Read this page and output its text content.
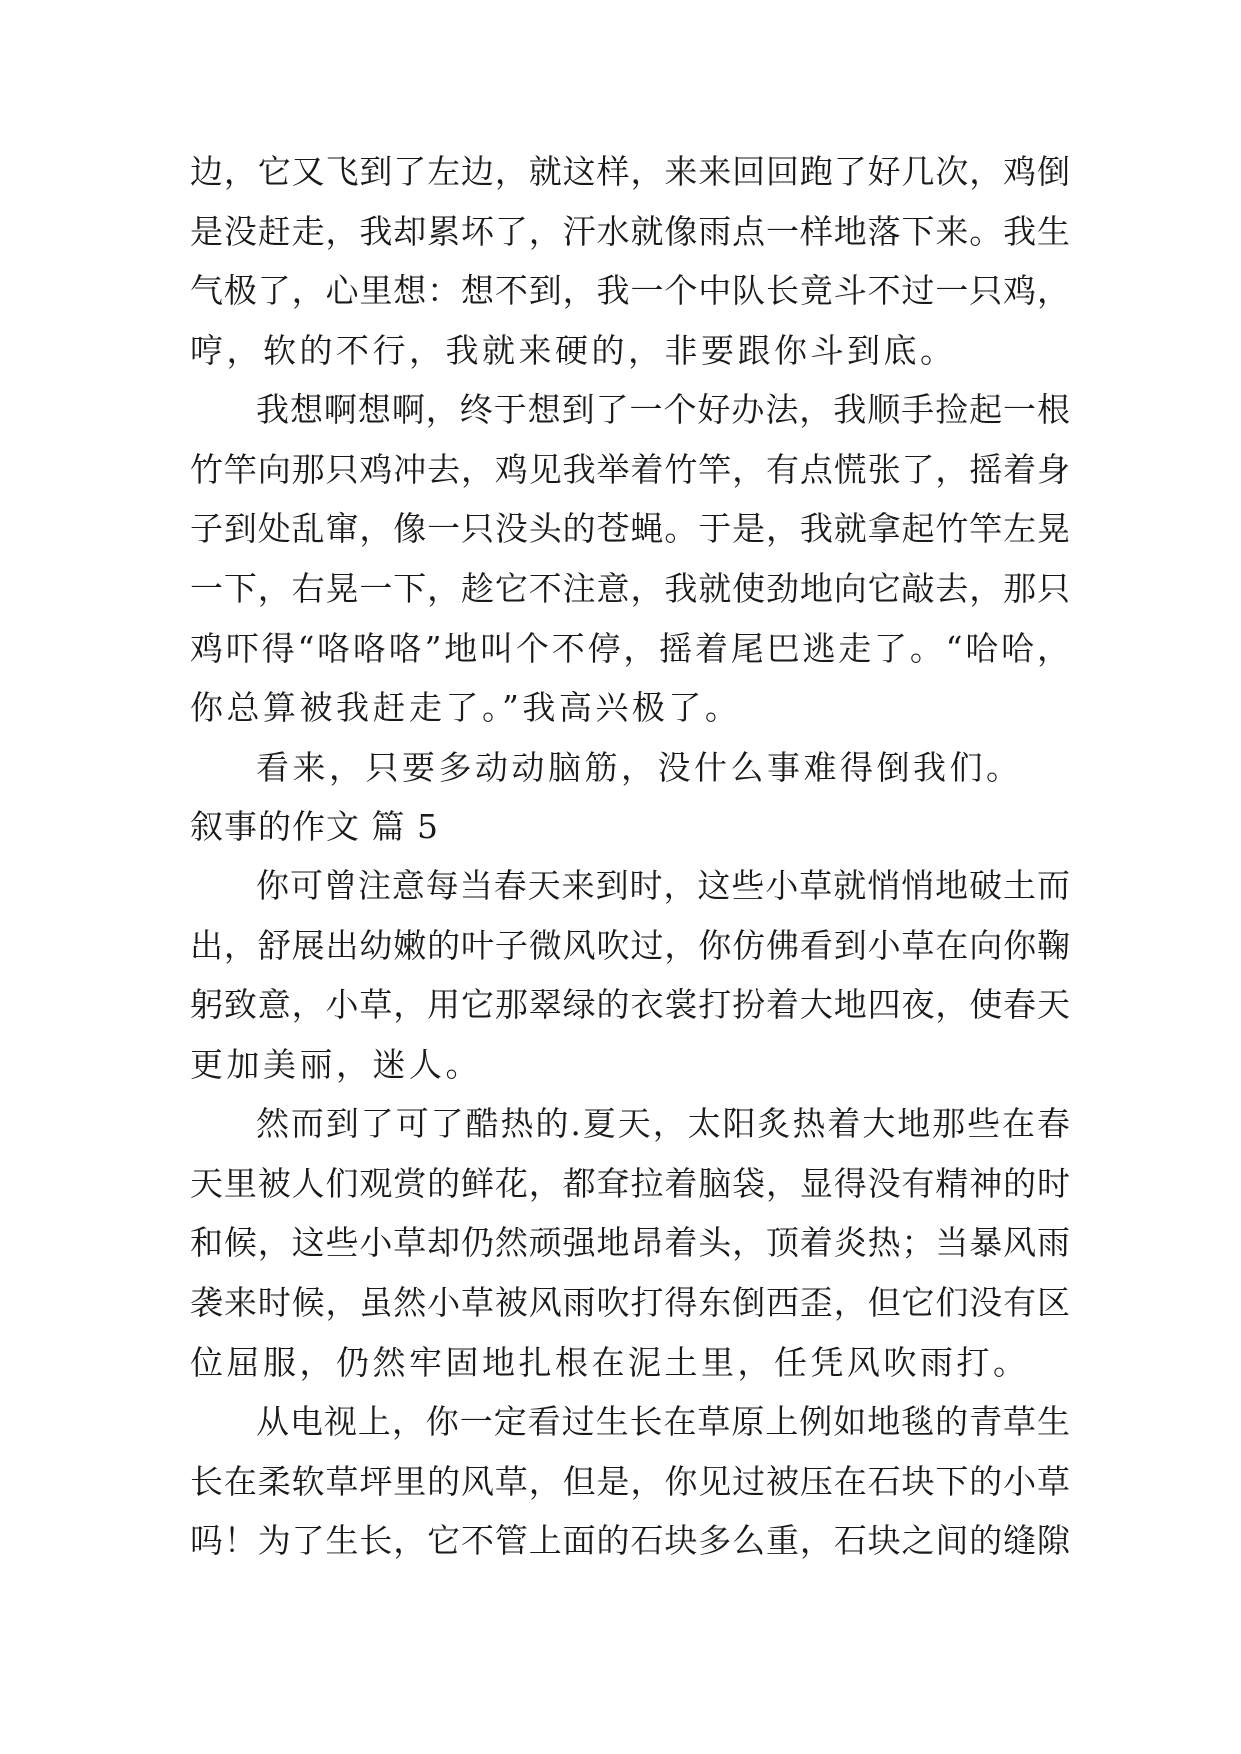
边，它又飞到了左边，就这样，来来回回跑了好几次，鸡倒
是没赶走，我却累坏了，汗水就像雨点一样地落下来。我生
气极了，心里想：想不到，我一个中队长竟斗不过一只鸡，
哼，软的不行，我就来硬的，非要跟你斗到底。
我想啊想啊，终于想到了一个好办法，我顺手捡起一根
竹竿向那只鸡冲去，鸡见我举着竹竿，有点慌张了，摇着身
子到处乱窜，像一只没头的苍蝇。于是，我就拿起竹竿左晃
一下，右晃一下，趁它不注意，我就使劲地向它敲去，那只
鸡吓得“咯咯咯”地叫个不停，摇着尾巴逃走了。“哈哈，
你总算被我赶走了。”我高兴极了。
看来，只要多动动脑筋，没什么事难得倒我们。
叙事的作文 篇 5
你可曾注意每当春天来到时，这些小草就悄悄地破土而
出，舒展出幼嫩的叶子微风吹过，你仿佛看到小草在向你鞠
躬致意，小草，用它那翠绿的衣裳打扮着大地四夜，使春天
更加美丽，迷人。
然而到了可了酷热的.夏天，太阳炙热着大地那些在春
天里被人们观赏的鲜花，都耷拉着脑袋，显得没有精神的时
和候，这些小草却仍然顽强地昂着头，顶着炎热；当暴风雨
袭来时候，虽然小草被风雨吹打得东倒西歪，但它们没有区
位屈服，仍然牢固地扎根在泥土里，任凭风吹雨打。
从电视上，你一定看过生长在草原上例如地毯的青草生
长在柔软草坪里的风草，但是，你见过被压在石块下的小草
吗！为了生长，它不管上面的石块多么重，石块之间的缝隙
